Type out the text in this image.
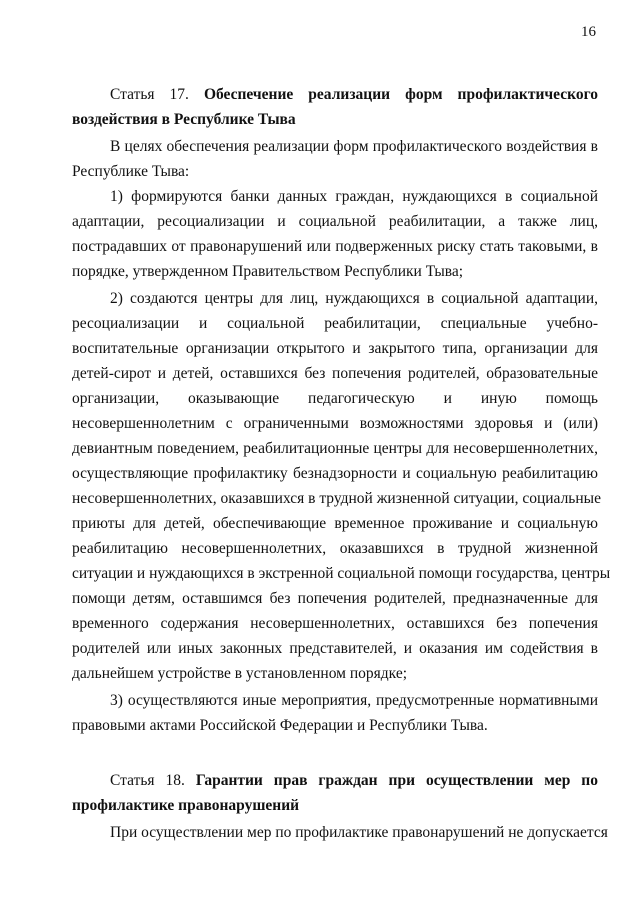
16
Статья 17. Обеспечение реализации форм профилактического
воздействия в Республике Тыва
В целях обеспечения реализации форм профилактического воздействия в
Республике Тыва:
1) формируются банки данных граждан, нуждающихся в социальной
адаптации, ресоциализации и социальной реабилитации, а также лиц,
пострадавших от правонарушений или подверженных риску стать таковыми, в
порядке, утвержденном Правительством Республики Тыва;
2) создаются центры для лиц, нуждающихся в социальной адаптации,
ресоциализации и социальной реабилитации, специальные учебно-
воспитательные организации открытого и закрытого типа, организации для
детей-сирот и детей, оставшихся без попечения родителей, образовательные
организации, оказывающие педагогическую и иную помощь
несовершеннолетним с ограниченными возможностями здоровья и (или)
девиантным поведением, реабилитационные центры для несовершеннолетних,
осуществляющие профилактику безнадзорности и социальную реабилитацию
несовершеннолетних, оказавшихся в трудной жизненной ситуации, социальные
приюты для детей, обеспечивающие временное проживание и социальную
реабилитацию несовершеннолетних, оказавшихся в трудной жизненной
ситуации и нуждающихся в экстренной социальной помощи государства, центры
помощи детям, оставшимся без попечения родителей, предназначенные для
временного содержания несовершеннолетних, оставшихся без попечения
родителей или иных законных представителей, и оказания им содействия в
дальнейшем устройстве в установленном порядке;
3) осуществляются иные мероприятия, предусмотренные нормативными
правовыми актами Российской Федерации и Республики Тыва.
Статья 18. Гарантии прав граждан при осуществлении мер по
профилактике правонарушений
При осуществлении мер по профилактике правонарушений не допускается
